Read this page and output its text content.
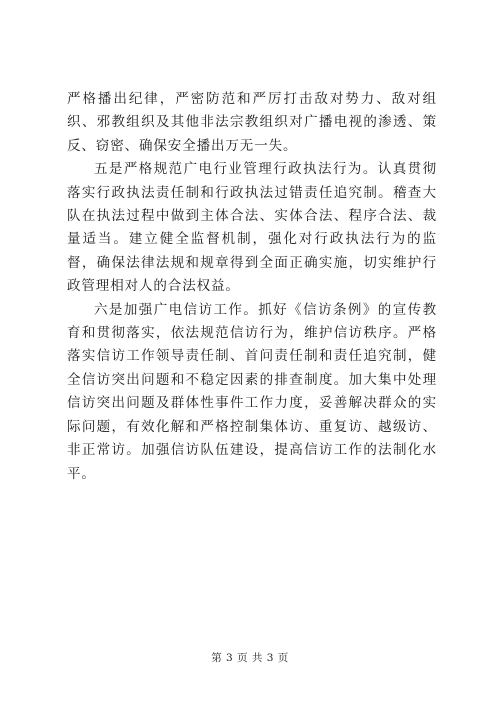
严格播出纪律，严密防范和严厉打击敌对势力、敌对组织、邪教组织及其他非法宗教组织对广播电视的渗透、策反、窃密、确保安全播出万无一失。

五是严格规范广电行业管理行政执法行为。认真贯彻落实行政执法责任制和行政执法过错责任追究制。稽查大队在执法过程中做到主体合法、实体合法、程序合法、裁量适当。建立健全监督机制，强化对行政执法行为的监督，确保法律法规和规章得到全面正确实施，切实维护行政管理相对人的合法权益。

六是加强广电信访工作。抓好《信访条例》的宣传教育和贯彻落实，依法规范信访行为，维护信访秩序。严格落实信访工作领导责任制、首问责任制和责任追究制，健全信访突出问题和不稳定因素的排查制度。加大集中处理信访突出问题及群体性事件工作力度，妥善解决群众的实际问题，有效化解和严格控制集体访、重复访、越级访、非正常访。加强信访队伍建设，提高信访工作的法制化水平。

第 3 页 共 3 页
